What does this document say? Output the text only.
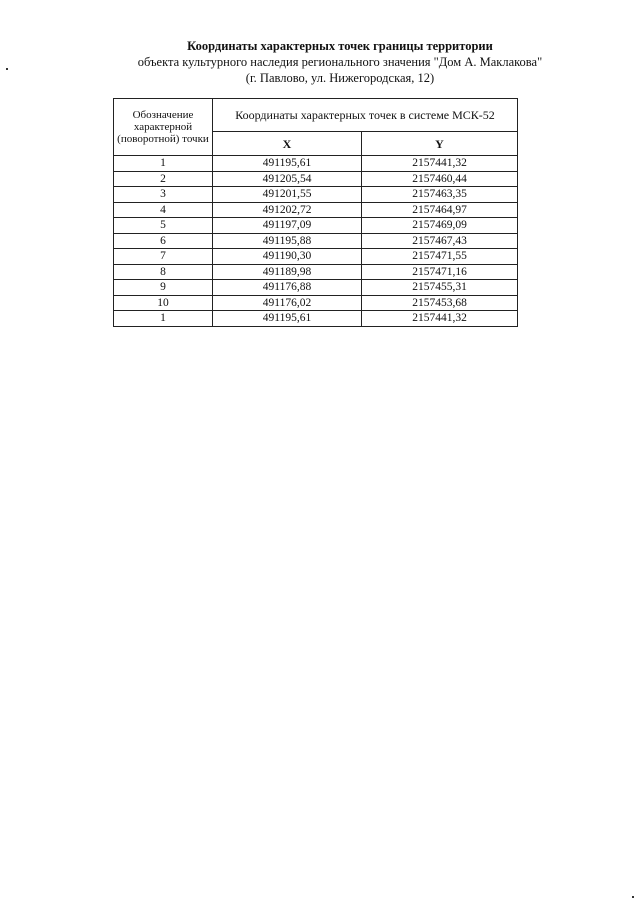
Координаты характерных точек границы территории
объекта культурного наследия регионального значения "Дом А. Маклакова"
(г. Павлово, ул. Нижегородская, 12)
Обозначение характерной (поворотной) точки	Координаты характерных точек в системе МСК-52	
	X	Y
1	491195,61	2157441,32
2	491205,54	2157460,44
3	491201,55	2157463,35
4	491202,72	2157464,97
5	491197,09	2157469,09
6	491195,88	2157467,43
7	491190,30	2157471,55
8	491189,98	2157471,16
9	491176,88	2157455,31
10	491176,02	2157453,68
1	491195,61	2157441,32
